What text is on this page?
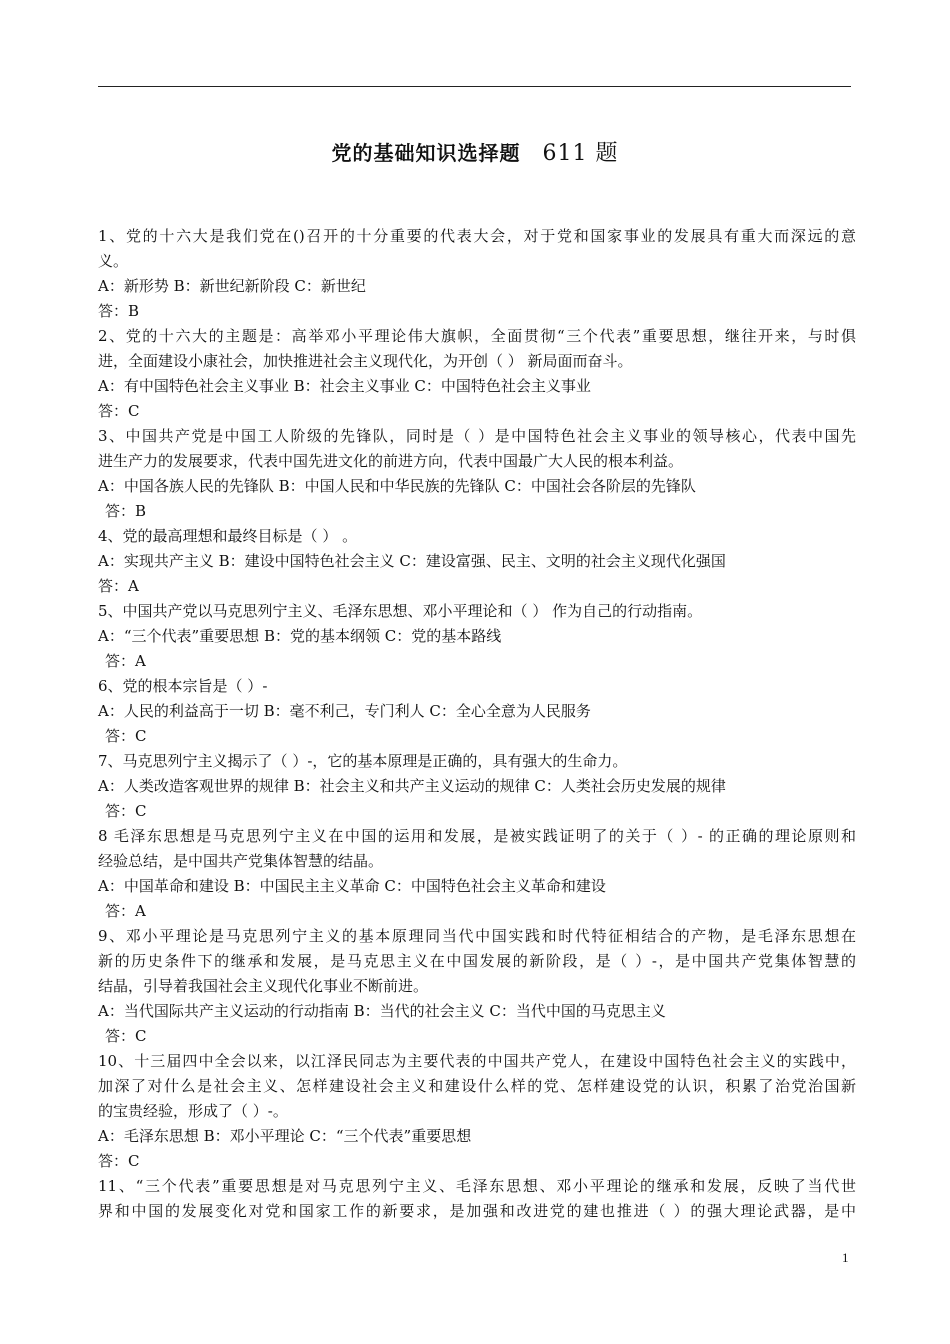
党的基础知识选择题 611 题
1、党的十六大是我们党在()召开的十分重要的代表大会，对于党和国家事业的发展具有重大而深远的意
义。
A：新形势 B：新世纪新阶段 C：新世纪
答：B
2、党的十六大的主题是：高举邓小平理论伟大旗帜，全面贯彻“三个代表”重要思想，继往开来，与时俱
进，全面建设小康社会，加快推进社会主义现代化，为开创（ ） 新局面而奋斗。
A：有中国特色社会主义事业 B：社会主义事业 C：中国特色社会主义事业
答：C
3、中国共产党是中国工人阶级的先锋队，同时是（ ）是中国特色社会主义事业的领导核心，代表中国先
进生产力的发展要求，代表中国先进文化的前进方向，代表中国最广大人民的根本利益。
A：中国各族人民的先锋队 B：中国人民和中华民族的先锋队 C：中国社会各阶层的先锋队
答：B
4、党的最高理想和最终目标是（ ） 。
A：实现共产主义 B：建设中国特色社会主义 C：建设富强、民主、文明的社会主义现代化强国
答：A
5、中国共产党以马克思列宁主义、毛泽东思想、邓小平理论和（ ） 作为自己的行动指南。
A：“三个代表”重要思想 B：党的基本纲领 C：党的基本路线
答：A
6、党的根本宗旨是（ ）-
A：人民的利益高于一切 B：毫不利己，专门利人 C：全心全意为人民服务
答：C
7、马克思列宁主义揭示了（ ）-，它的基本原理是正确的，具有强大的生命力。
A：人类改造客观世界的规律 B：社会主义和共产主义运动的规律 C：人类社会历史发展的规律
答：C
8 毛泽东思想是马克思列宁主义在中国的运用和发展，是被实践证明了的关于（ ）- 的正确的理论原则和
经验总结，是中国共产党集体智慧的结晶。
A：中国革命和建设 B：中国民主主义革命 C：中国特色社会主义革命和建设
答：A
9、邓小平理论是马克思列宁主义的基本原理同当代中国实践和时代特征相结合的产物，是毛泽东思想在
新的历史条件下的继承和发展，是马克思主义在中国发展的新阶段，是（ ）-，是中国共产党集体智慧的
结晶，引导着我国社会主义现代化事业不断前进。
A：当代国际共产主义运动的行动指南 B：当代的社会主义 C：当代中国的马克思主义
答：C
10、十三届四中全会以来，以江泽民同志为主要代表的中国共产党人，在建设中国特色社会主义的实践中，
加深了对什么是社会主义、怎样建设社会主义和建设什么样的党、怎样建设党的认识，积累了治党治国新
的宝贵经验，形成了（ ）-。
A：毛泽东思想 B：邓小平理论 C：“三个代表”重要思想
答：C
11、“三个代表”重要思想是对马克思列宁主义、毛泽东思想、邓小平理论的继承和发展，反映了当代世
界和中国的发展变化对党和国家工作的新要求，是加强和改进党的建也推进（ ）的强大理论武器，是中
1
